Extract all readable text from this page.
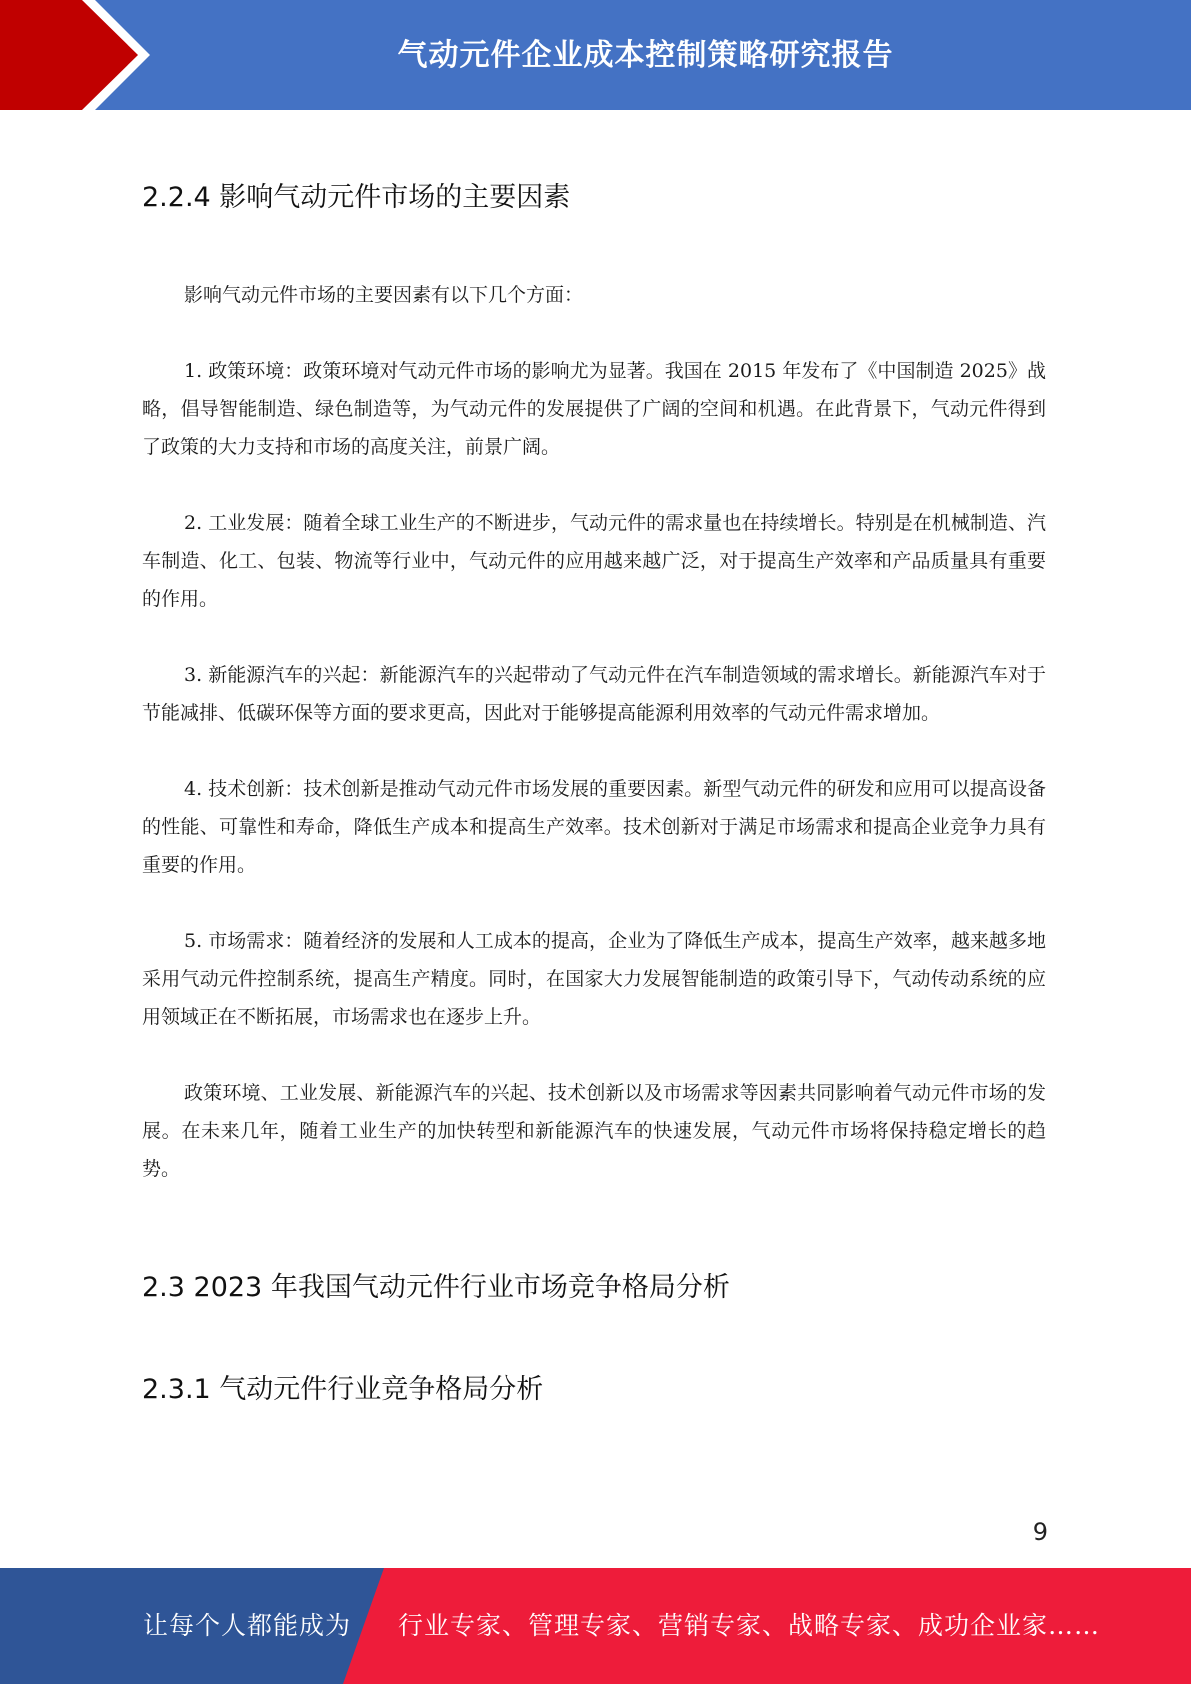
气动元件企业成本控制策略研究报告
2.2.4 影响气动元件市场的主要因素

影响气动元件市场的主要因素有以下几个方面：

1. 政策环境：政策环境对气动元件市场的影响尤为显著。我国在 2015 年发布了《中国制造 2025》战略，倡导智能制造、绿色制造等，为气动元件的发展提供了广阔的空间和机遇。在此背景下，气动元件得到了政策的大力支持和市场的高度关注，前景广阔。

2. 工业发展：随着全球工业生产的不断进步，气动元件的需求量也在持续增长。特别是在机械制造、汽车制造、化工、包装、物流等行业中，气动元件的应用越来越广泛，对于提高生产效率和产品质量具有重要的作用。

3. 新能源汽车的兴起：新能源汽车的兴起带动了气动元件在汽车制造领域的需求增长。新能源汽车对于节能减排、低碳环保等方面的要求更高，因此对于能够提高能源利用效率的气动元件需求增加。

4. 技术创新：技术创新是推动气动元件市场发展的重要因素。新型气动元件的研发和应用可以提高设备的性能、可靠性和寿命，降低生产成本和提高生产效率。技术创新对于满足市场需求和提高企业竞争力具有重要的作用。

5. 市场需求：随着经济的发展和人工成本的提高，企业为了降低生产成本，提高生产效率，越来越多地采用气动元件控制系统，提高生产精度。同时，在国家大力发展智能制造的政策引导下，气动传动系统的应用领域正在不断拓展，市场需求也在逐步上升。

政策环境、工业发展、新能源汽车的兴起、技术创新以及市场需求等因素共同影响着气动元件市场的发展。在未来几年，随着工业生产的加快转型和新能源汽车的快速发展，气动元件市场将保持稳定增长的趋势。

2.3 2023 年我国气动元件行业市场竞争格局分析
2.3.1 气动元件行业竞争格局分析
9
让每个人都能成为 行业专家、管理专家、营销专家、战略专家、成功企业家……
